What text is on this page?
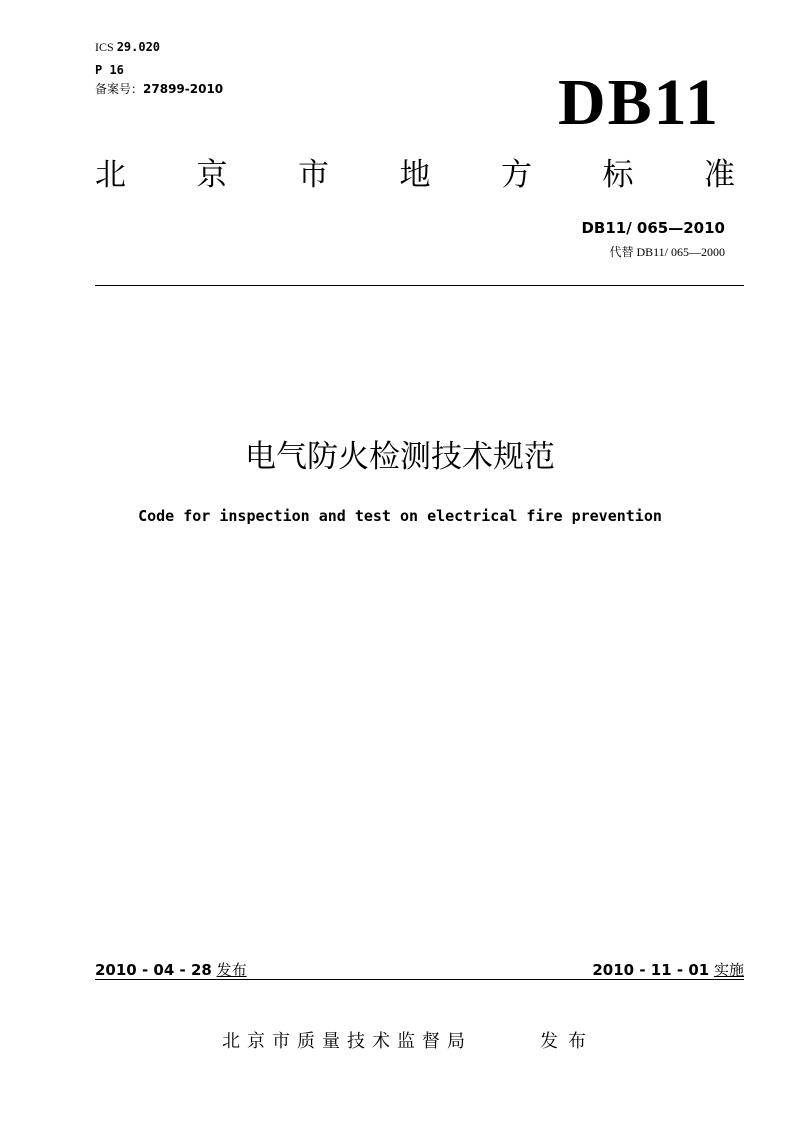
ICS 29.020
P 16
备案号：27899-2010	DB11
北 京 市 地 方 标 准
DB11/ 065—2010
代替 DB11/ 065—2000
电气防火检测技术规范
Code for inspection and test on electrical fire prevention
2010 - 04 - 28 发布	2010 - 11 - 01 实施
北京市质量技术监督局	发布
